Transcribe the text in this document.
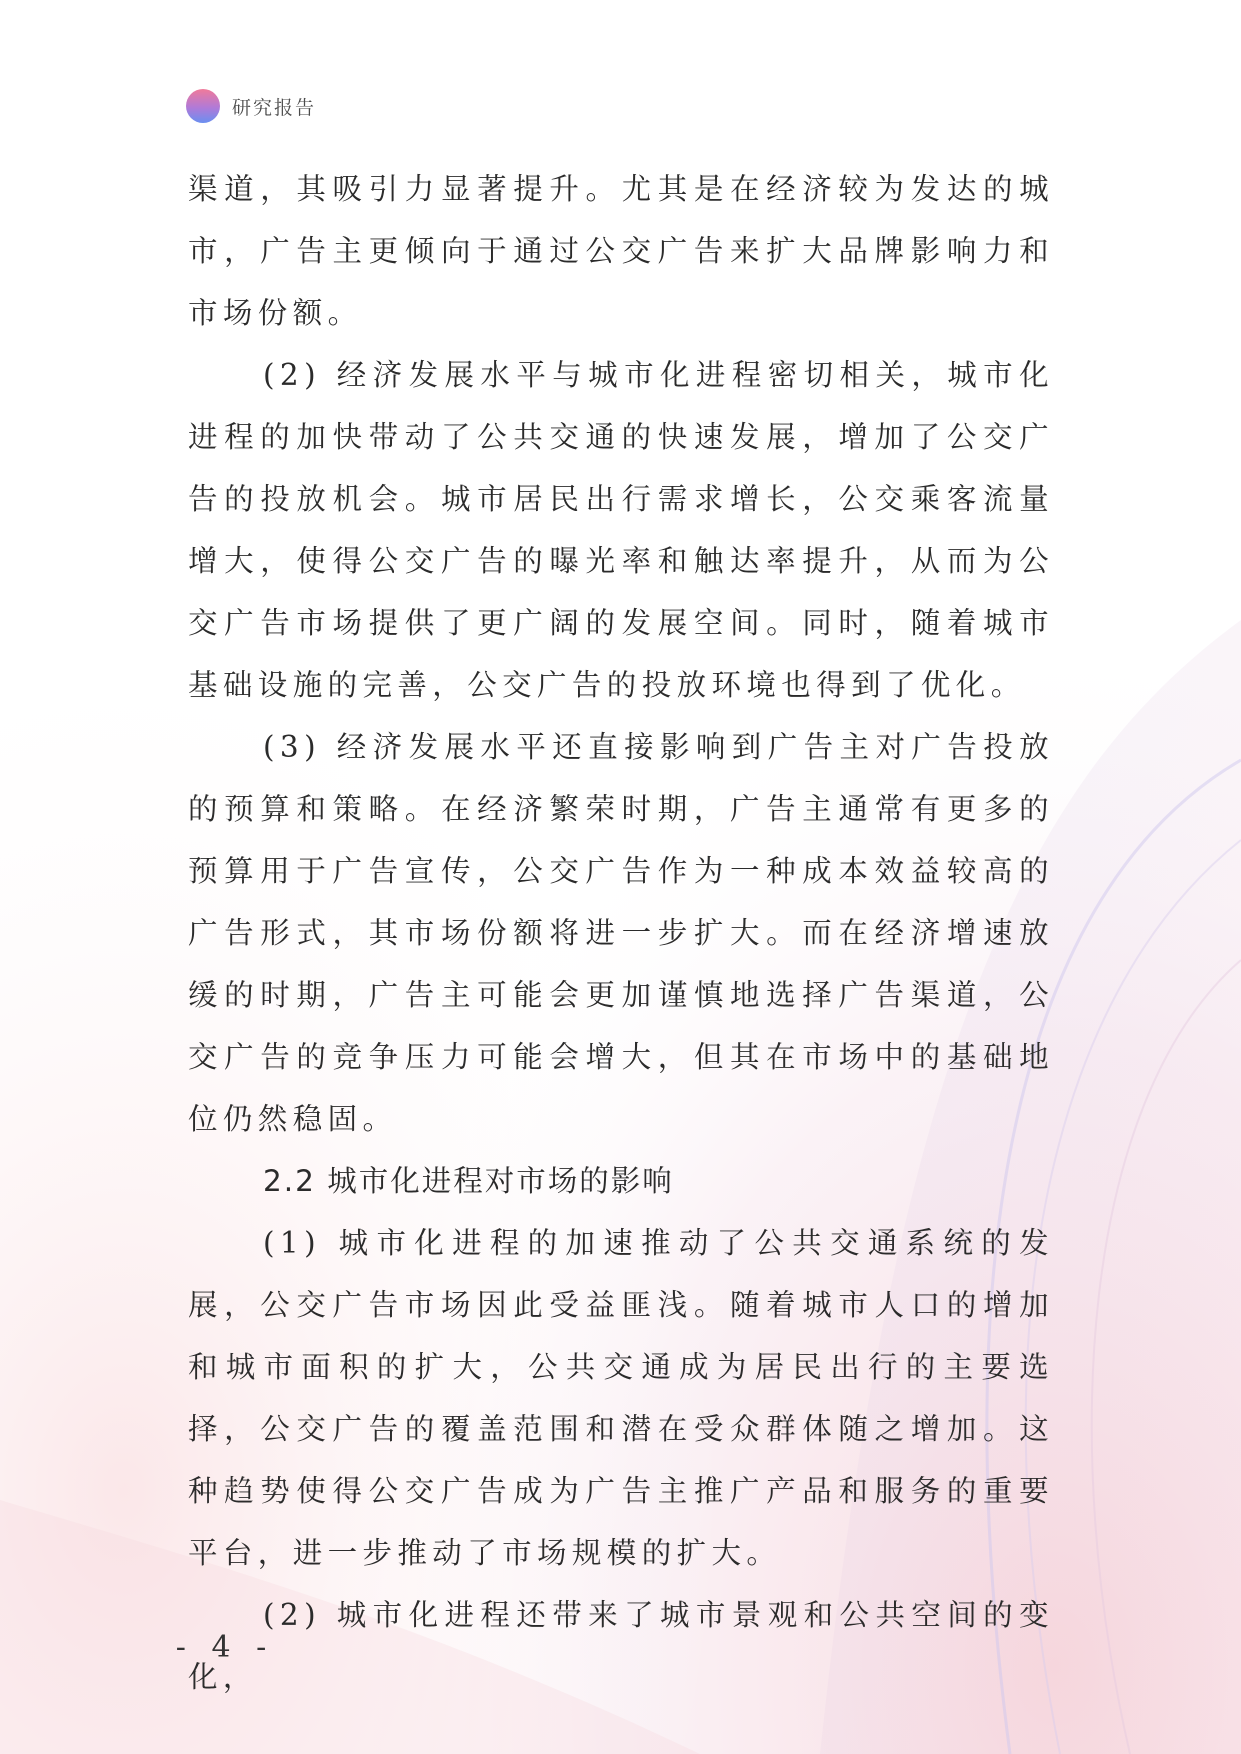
研究报告

渠道，其吸引力显著提升。尤其是在经济较为发达的城市，广告主更倾向于通过公交广告来扩大品牌影响力和市场份额。

(2) 经济发展水平与城市化进程密切相关，城市化进程的加快带动了公共交通的快速发展，增加了公交广告的投放机会。城市居民出行需求增长，公交乘客流量增大，使得公交广告的曝光率和触达率提升，从而为公交广告市场提供了更广阔的发展空间。同时，随着城市基础设施的完善，公交广告的投放环境也得到了优化。

(3) 经济发展水平还直接影响到广告主对广告投放的预算和策略。在经济繁荣时期，广告主通常有更多的预算用于广告宣传，公交广告作为一种成本效益较高的广告形式，其市场份额将进一步扩大。而在经济增速放缓的时期，广告主可能会更加谨慎地选择广告渠道，公交广告的竞争压力可能会增大，但其在市场中的基础地位仍然稳固。

2.2 城市化进程对市场的影响

(1) 城市化进程的加速推动了公共交通系统的发展，公交广告市场因此受益匪浅。随着城市人口的增加和城市面积的扩大，公共交通成为居民出行的主要选择，公交广告的覆盖范围和潜在受众群体随之增加。这种趋势使得公交广告成为广告主推广产品和服务的重要平台，进一步推动了市场规模的扩大。

(2) 城市化进程还带来了城市景观和公共空间的变化，

- 4 -
